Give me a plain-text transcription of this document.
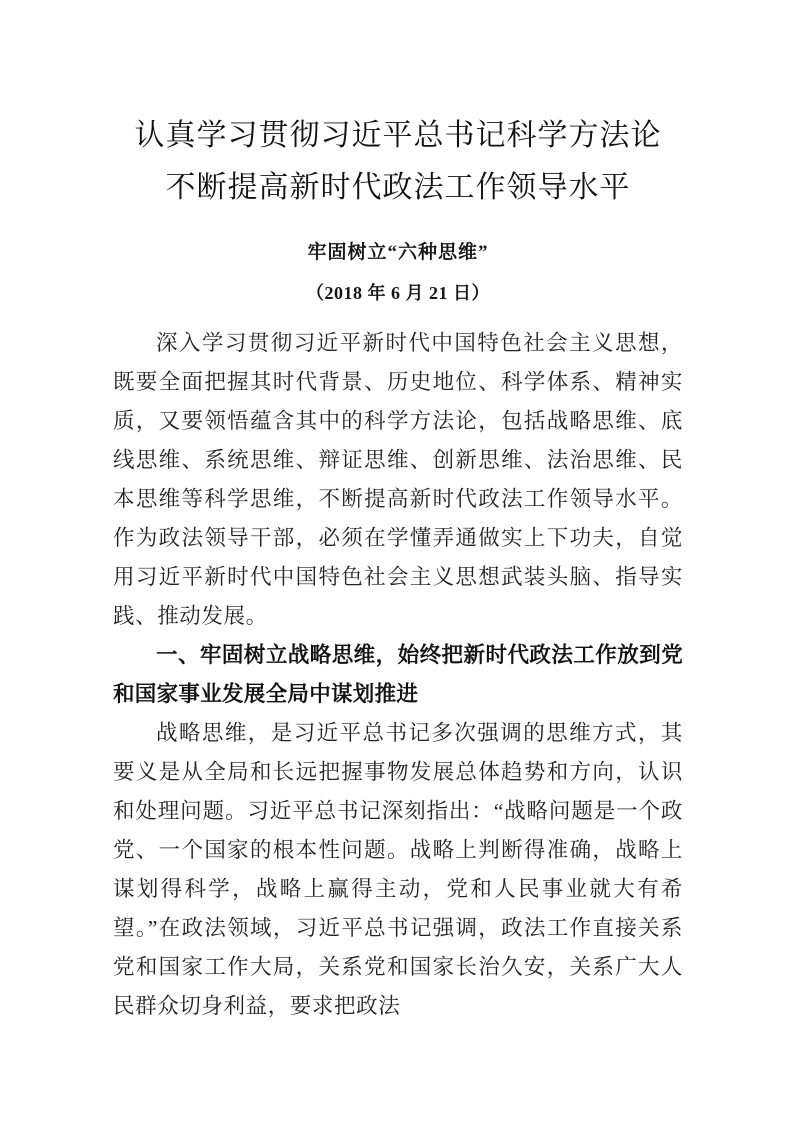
认真学习贯彻习近平总书记科学方法论
不断提高新时代政法工作领导水平
牢固树立“六种思维”
（2018 年 6 月 21 日）

深入学习贯彻习近平新时代中国特色社会主义思想，既要全面把握其时代背景、历史地位、科学体系、精神实质，又要领悟蕴含其中的科学方法论，包括战略思维、底线思维、系统思维、辩证思维、创新思维、法治思维、民本思维等科学思维，不断提高新时代政法工作领导水平。作为政法领导干部，必须在学懂弄通做实上下功夫，自觉用习近平新时代中国特色社会主义思想武装头脑、指导实践、推动发展。

一、牢固树立战略思维，始终把新时代政法工作放到党和国家事业发展全局中谋划推进

战略思维，是习近平总书记多次强调的思维方式，其要义是从全局和长远把握事物发展总体趋势和方向，认识和处理问题。习近平总书记深刻指出：“战略问题是一个政党、一个国家的根本性问题。战略上判断得准确，战略上谋划得科学，战略上赢得主动，党和人民事业就大有希望。”在政法领域，习近平总书记强调，政法工作直接关系党和国家工作大局，关系党和国家长治久安，关系广大人民群众切身利益，要求把政法
